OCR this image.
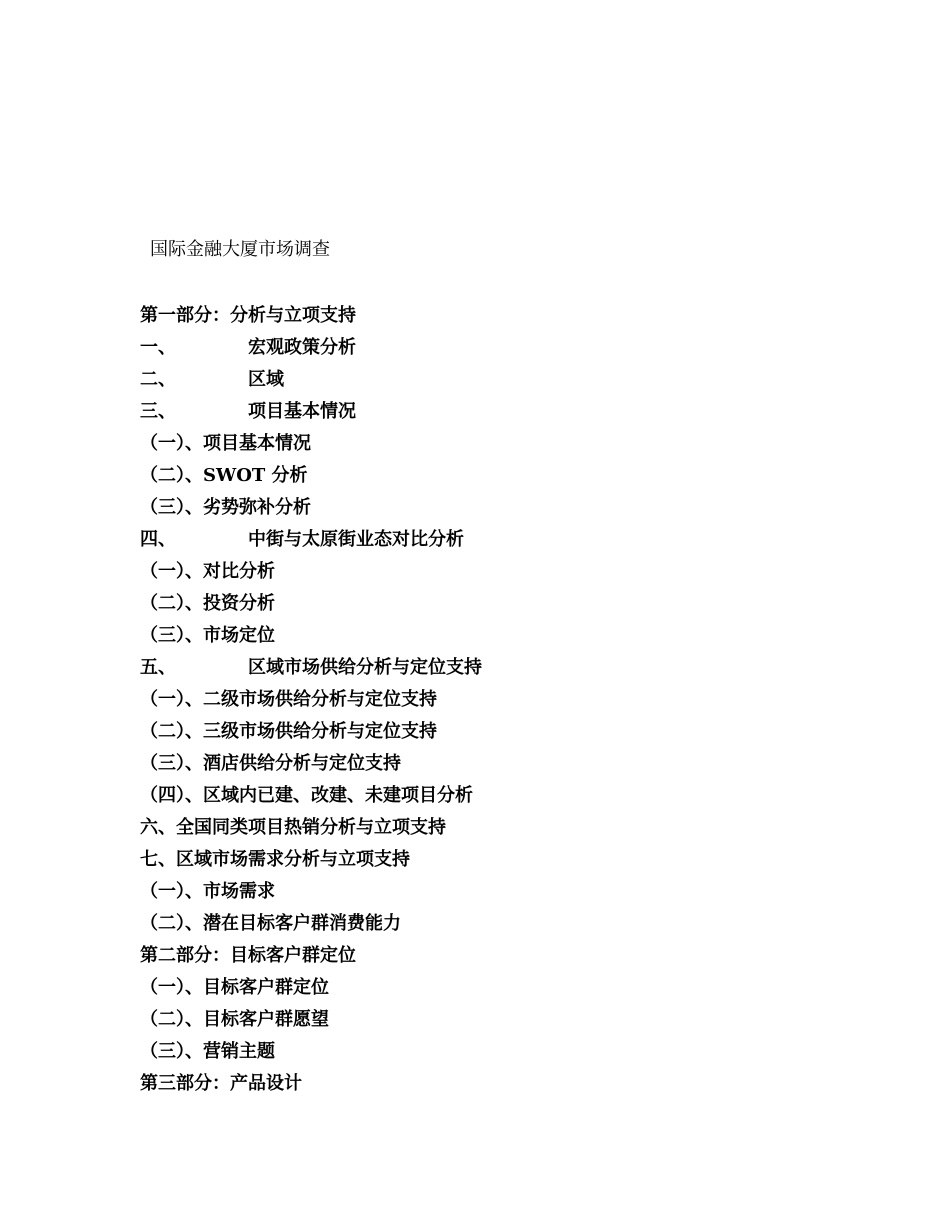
国际金融大厦市场调查
第一部分：分析与立项支持
一、	宏观政策分析
二、	区域
三、	项目基本情况
（一）、项目基本情况
（二）、SWOT 分析
（三）、劣势弥补分析
四、	中街与太原街业态对比分析
（一）、对比分析
（二）、投资分析
（三）、市场定位
五、	区域市场供给分析与定位支持
（一）、二级市场供给分析与定位支持
（二）、三级市场供给分析与定位支持
（三）、酒店供给分析与定位支持
（四）、区域内已建、改建、未建项目分析
六、全国同类项目热销分析与立项支持
七、区域市场需求分析与立项支持
（一）、市场需求
（二）、潜在目标客户群消费能力
第二部分：目标客户群定位
（一）、目标客户群定位
（二）、目标客户群愿望
（三）、营销主题
第三部分：产品设计
